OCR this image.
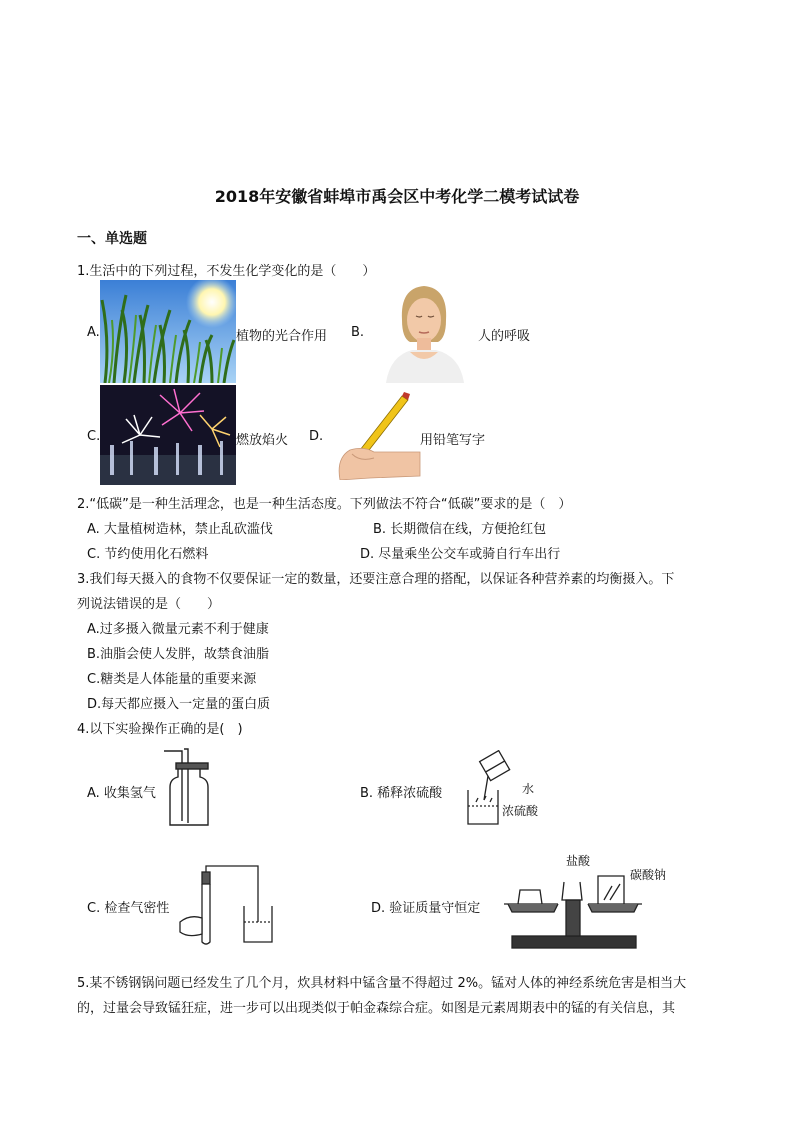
2018年安徽省蚌埠市禹会区中考化学二模考试试卷
一、单选题
1.生活中的下列过程，不发生化学变化的是（　　）
A.	植物的光合作用 B.	人的呼吸
C.	燃放焰火 D.	用铅笔写字
2.“低碳”是一种生活理念，也是一种生活态度。下列做法不符合“低碳”要求的是（　）
A. 大量植树造林，禁止乱砍滥伐	B. 长期微信在线，方便抢红包
C. 节约使用化石燃料	D. 尽量乘坐公交车或骑自行车出行
3.我们每天摄入的食物不仅要保证一定的数量，还要注意合理的搭配，以保证各种营养素的均衡摄入。下
列说法错误的是（　　）
A.过多摄入微量元素不利于健康
B.油脂会使人发胖，故禁食油脂
C.糖类是人体能量的重要来源
D.每天都应摄入一定量的蛋白质
4.以下实验操作正确的是(　)
A. 收集氢气	B. 稀释浓硫酸	水
浓硫酸
C. 检查气密性	D. 验证质量守恒定
盐酸
碳酸钠
5.某不锈钢锅问题已经发生了几个月，炊具材料中锰含量不得超过 2%。锰对人体的神经系统危害是相当大
的，过量会导致锰狂症，进一步可以出现类似于帕金森综合症。如图是元素周期表中的锰的有关信息，其
